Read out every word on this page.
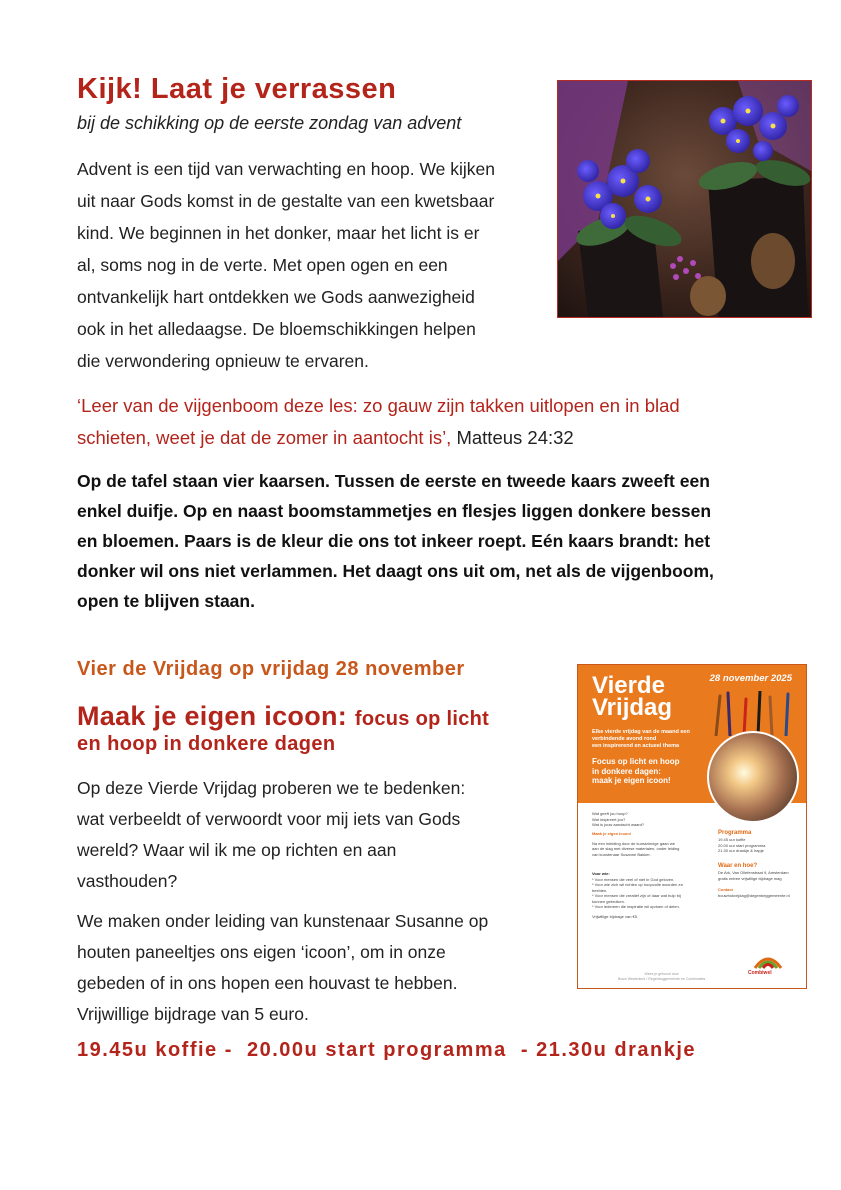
Kijk! Laat je verrassen
bij de schikking op de eerste zondag van advent
Advent is een tijd van verwachting en hoop. We kijken
uit naar Gods komst in de gestalte van een kwetsbaar
kind. We beginnen in het donker, maar het licht is er
al, soms nog in de verte. Met open ogen en een
ontvankelijk hart ontdekken we Gods aanwezigheid
ook in het alledaagse. De bloemschikkingen helpen
die verwondering opnieuw te ervaren.
‘Leer van de vijgenboom deze les: zo gauw zijn takken uitlopen en in blad
schieten, weet je dat de zomer in aantocht is’, Matteus 24:32
Op de tafel staan vier kaarsen. Tussen de eerste en tweede kaars zweeft een
enkel duifje. Op en naast boomstammetjes en flesjes liggen donkere bessen
en bloemen. Paars is de kleur die ons tot inkeer roept. Eén kaars brandt: het
donker wil ons niet verlammen. Het daagt ons uit om, net als de vijgenboom,
open te blijven staan.
Vier de Vrijdag op vrijdag 28 november
Maak je eigen icoon: focus op licht
en hoop in donkere dagen
Op deze Vierde Vrijdag proberen we te bedenken:
wat verbeeldt of verwoordt voor mij iets van Gods
wereld? Waar wil ik me op richten en aan
vasthouden?
We maken onder leiding van kunstenaar Susanne op
houten paneeltjes ons eigen ‘icoon’, om in onze
gebeden of in ons hopen een houvast te hebben.
Vrijwillige bijdrage van 5 euro.
19.45u koffie -  20.00u start programma  - 21.30u drankje
28 november 2025
Vierde
Vrijdag
Elke vierde vrijdag van de maand een
verbindende avond rond
een inspirerend en actueel thema
Focus op licht en hoop
in donkere dagen:
maak je eigen icoon!
Wat geeft jou hoop?
Wat inspireert jou?
Wat is jouw aandacht waard?
Maak je eigen icoon!
Na een inleiding door de kunstzinnige gaan we
aan de slag met diverse materialen, onder leiding
van kunstenaar Susanne Bakker.
Voor wie:
* Voor mensen die veel of niet in God geloven.
* Voor wie zich wil richten op hoopvolle woorden en
beelden.
* Voor mensen die creatief zijn of daar wat hulp bij
kunnen gebruiken.
* Voor iedereen die inspiratie wil opdoen of delen.
Vrijwillige bijdrage van €5.
Programma
19.45 uur koffie
20.00 uur start programma
21.30 uur drankje & hapje
Waar en hoe?
De Ark, Van Ollefenstraat 9, Amsterdam
gratis entree vrijwillige bijdrage mag
Contact
bouwhokvrijdag@degenbeggemeente.nl
Wees je gehoord door
Bouw Westerkerk / Regenboggemeente en Combinaties
Combiwel
